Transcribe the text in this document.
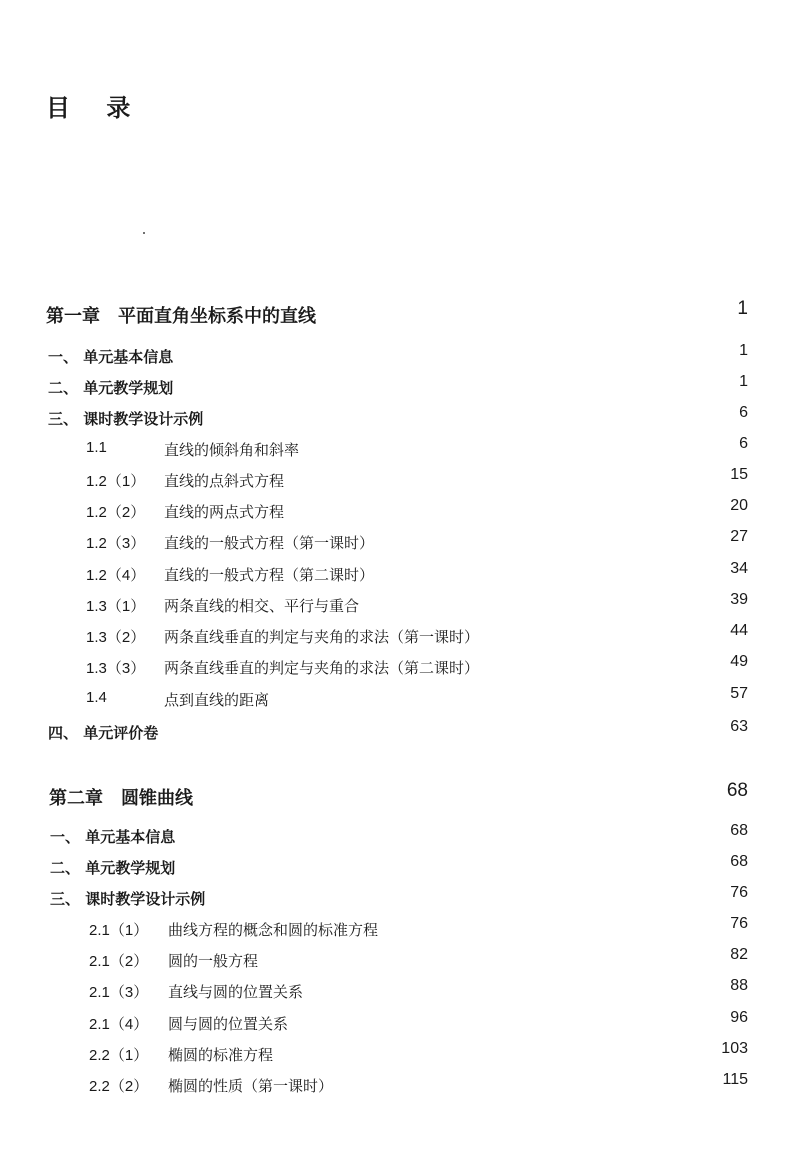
目 录
第一章　平面直角坐标系中的直线	1
一、 单元基本信息	1
二、 单元教学规划	1
三、 课时教学设计示例	6
1.1	直线的倾斜角和斜率	6
1.2（1） 直线的点斜式方程	15
1.2（2） 直线的两点式方程	20
1.2（3） 直线的一般式方程（第一课时）	27
1.2（4） 直线的一般式方程（第二课时）	34
1.3（1） 两条直线的相交、平行与重合	39
1.3（2） 两条直线垂直的判定与夹角的求法（第一课时）	44
1.3（3） 两条直线垂直的判定与夹角的求法（第二课时）	49
1.4	点到直线的距离	57
四、 单元评价卷	63
第二章　圆锥曲线	68
一、 单元基本信息	68
二、 单元教学规划	68
三、 课时教学设计示例	76
2.1（1） 曲线方程的概念和圆的标准方程	76
2.1（2） 圆的一般方程	82
2.1（3） 直线与圆的位置关系	88
2.1（4） 圆与圆的位置关系	96
2.2（1） 椭圆的标准方程	103
2.2（2） 椭圆的性质（第一课时）	115
